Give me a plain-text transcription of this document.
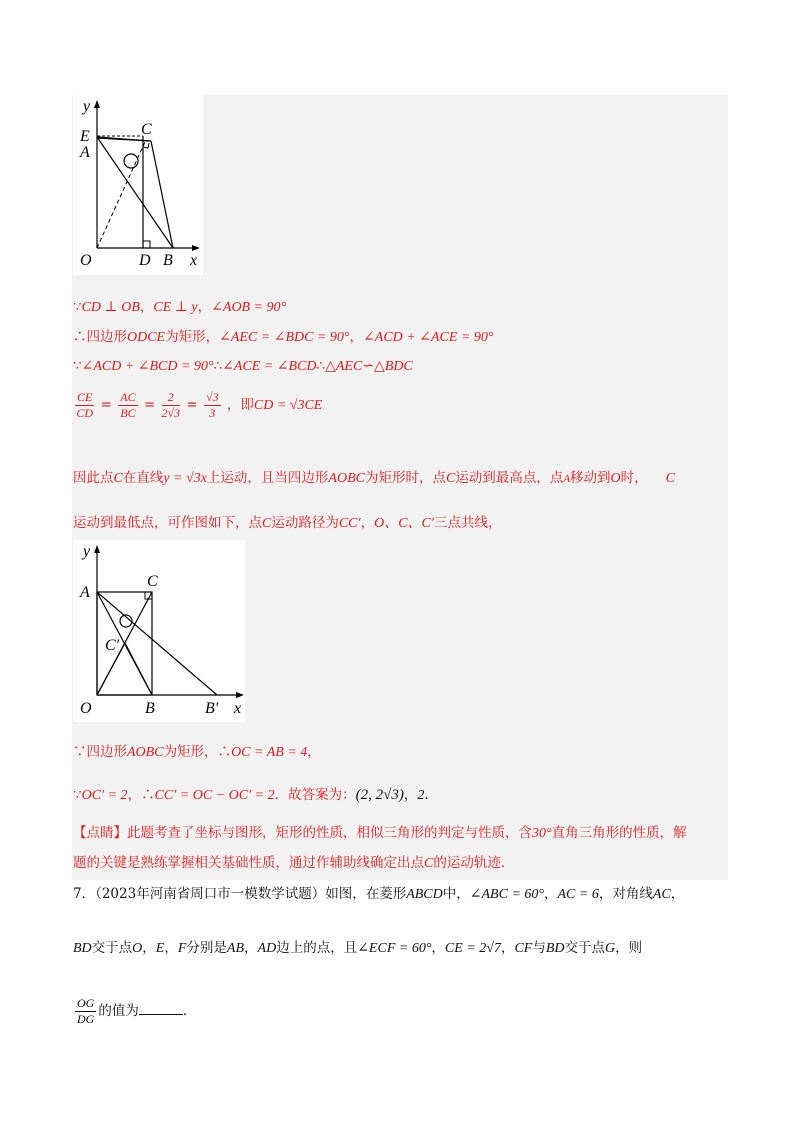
y
E	C
A
O	D B x
∵CD ⊥ OB，CE ⊥ y，∠AOB = 90°
∴四边形ODCE为矩形，∠AEC = ∠BDC = 90°，∠ACD + ∠ACE = 90°
∵∠ACD + ∠BCD = 90°∴∠ACE = ∠BCD∴△AEC∽△BDC
$\frac{CE}{CD} = \frac{AC}{BC} = \frac{2}{2√3} = \frac{√3}{3}$ ，即CD = √3CE
因此点C在直线y = √3x上运动，且当四边形AOBC为矩形时，点C运动到最高点，点A移动到O时， C
运动到最低点，可作图如下，点C运动路径为CC′，O、C、C′三点共线，
y
C
A
C′
O	B	B′ x
∵四边形AOBC为矩形，∴OC = AB = 4，
∵OC′ = 2，∴CC′ = OC − OC′ = 2．故答案为：(2, 2√3)，2．
【点睛】此题考查了坐标与图形，矩形的性质，相似三角形的判定与性质，含30°直角三角形的性质，解
题的关键是熟练掌握相关基础性质，通过作辅助线确定出点C的运动轨迹．
7．（2023年河南省周口市一模数学试题）如图，在菱形ABCD中，∠ABC = 60°，AC = 6，对角线AC，
BD交于点O，E，F分别是AB，AD边上的点，且∠ECF = 60°，CE = 2√7，CF与BD交于点G，则
$\frac{OG}{DG}$ 的值为	．
